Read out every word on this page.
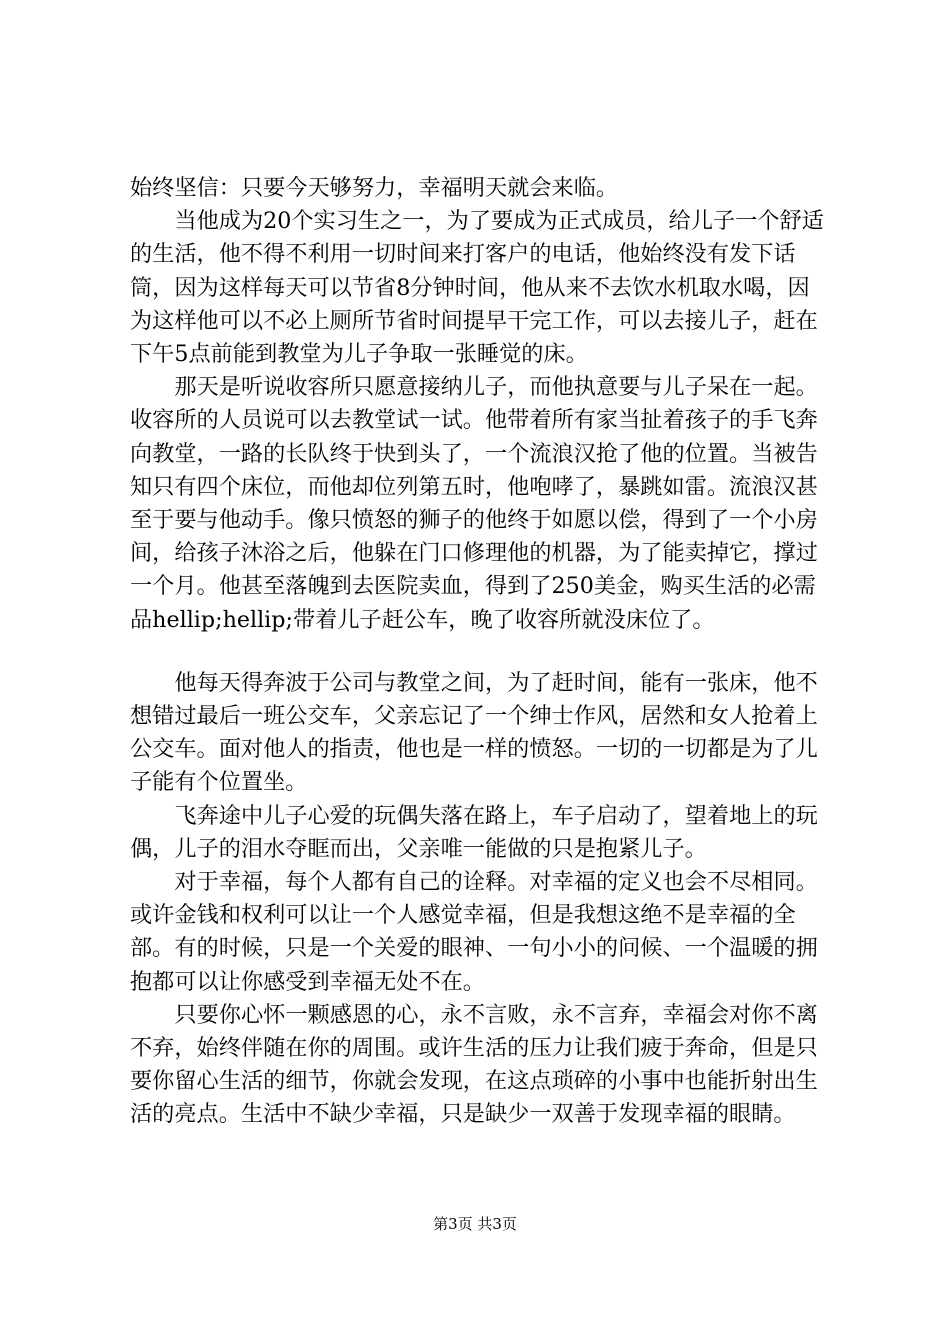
始终坚信：只要今天够努力，幸福明天就会来临。

当他成为20个实习生之一，为了要成为正式成员，给儿子一个舒适的生活，他不得不利用一切时间来打客户的电话，他始终没有发下话筒，因为这样每天可以节省8分钟时间，他从来不去饮水机取水喝，因为这样他可以不必上厕所节省时间提早干完工作，可以去接儿子，赶在下午5点前能到教堂为儿子争取一张睡觉的床。

那天是听说收容所只愿意接纳儿子，而他执意要与儿子呆在一起。收容所的人员说可以去教堂试一试。他带着所有家当扯着孩子的手飞奔向教堂，一路的长队终于快到头了，一个流浪汉抢了他的位置。当被告知只有四个床位，而他却位列第五时，他咆哮了，暴跳如雷。流浪汉甚至于要与他动手。像只愤怒的狮子的他终于如愿以偿，得到了一个小房间，给孩子沐浴之后，他躲在门口修理他的机器，为了能卖掉它，撑过一个月。他甚至落魄到去医院卖血，得到了250美金，购买生活的必需品hellip;hellip;带着儿子赶公车，晚了收容所就没床位了。

他每天得奔波于公司与教堂之间，为了赶时间，能有一张床，他不想错过最后一班公交车，父亲忘记了一个绅士作风，居然和女人抢着上公交车。面对他人的指责，他也是一样的愤怒。一切的一切都是为了儿子能有个位置坐。

飞奔途中儿子心爱的玩偶失落在路上，车子启动了，望着地上的玩偶，儿子的泪水夺眶而出，父亲唯一能做的只是抱紧儿子。

对于幸福，每个人都有自己的诠释。对幸福的定义也会不尽相同。或许金钱和权利可以让一个人感觉幸福，但是我想这绝不是幸福的全部。有的时候，只是一个关爱的眼神、一句小小的问候、一个温暖的拥抱都可以让你感受到幸福无处不在。

只要你心怀一颗感恩的心，永不言败，永不言弃，幸福会对你不离不弃，始终伴随在你的周围。或许生活的压力让我们疲于奔命，但是只要你留心生活的细节，你就会发现，在这点琐碎的小事中也能折射出生活的亮点。生活中不缺少幸福，只是缺少一双善于发现幸福的眼睛。

第3页 共3页
